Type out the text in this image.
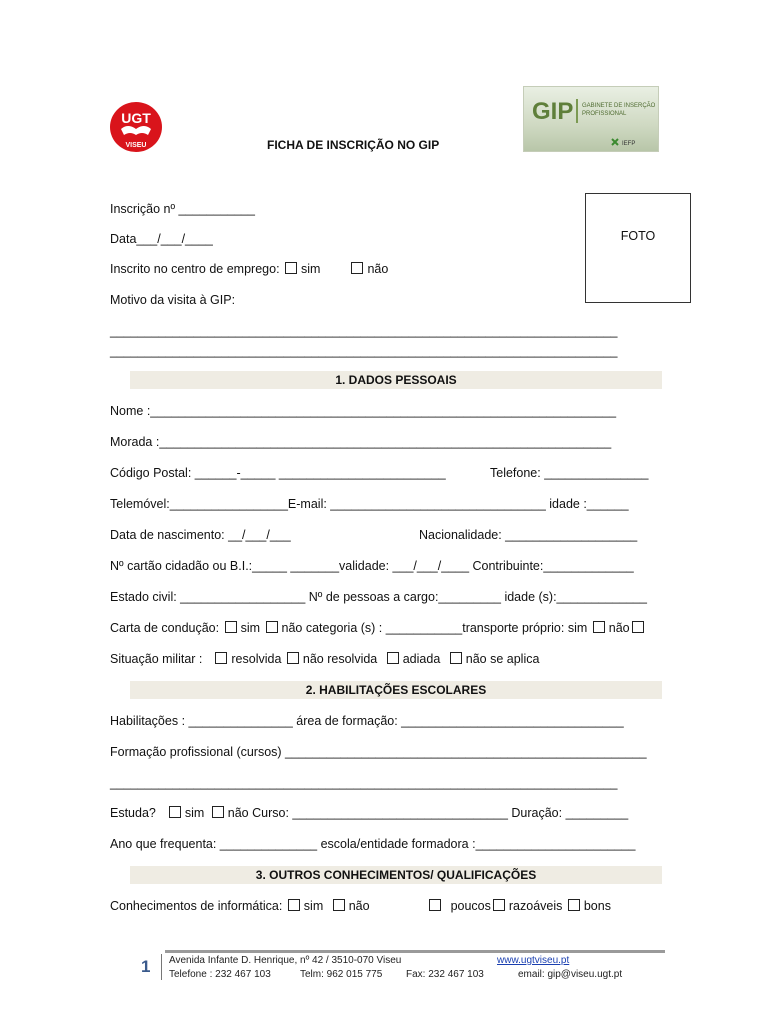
UGT
VISEU
GIP GABINETE DE INSERÇÃO
PROFISSIONAL
IEFP
FICHA DE INSCRIÇÃO NO GIP
FOTO
Inscrição nº ___________
Data___/___/____
Inscrito no centro de emprego: sim	não
Motivo da visita à GIP:
_________________________________________________________________________
_________________________________________________________________________
1. DADOS PESSOAIS
Nome :___________________________________________________________________
Morada :_________________________________________________________________
Código Postal: ______-_____ ________________________	Telefone: _______________
Telemóvel:_________________E-mail: _______________________________ idade :______
Data de nascimento: __/___/___	Nacionalidade: ___________________
Nº cartão cidadão ou B.I.:_____ _______validade: ___/___/____ Contribuinte:_____________
Estado civil: __________________ Nº de pessoas a cargo:_________ idade (s):_____________
Carta de condução: sim não categoria (s) : ___________transporte próprio: sim não
Situação militar : resolvida não resolvida adiada não se aplica
2. HABILITAÇÕES ESCOLARES
Habilitações : _______________ área de formação: ________________________________
Formação profissional (cursos) ____________________________________________________
_________________________________________________________________________
Estuda? sim não Curso: _______________________________ Duração: _________
Ano que frequenta: ______________ escola/entidade formadora :_______________________
3. OUTROS CONHECIMENTOS/ QUALIFICAÇÕES
Conhecimentos de informática: sim não	poucos razoáveis bons
1 Avenida Infante D. Henrique, nº 42 / 3510-070 Viseu	www.ugtviseu.pt
Telefone : 232 467 103	Telm: 962 015 775 Fax: 232 467 103	email: gip@viseu.ugt.pt
